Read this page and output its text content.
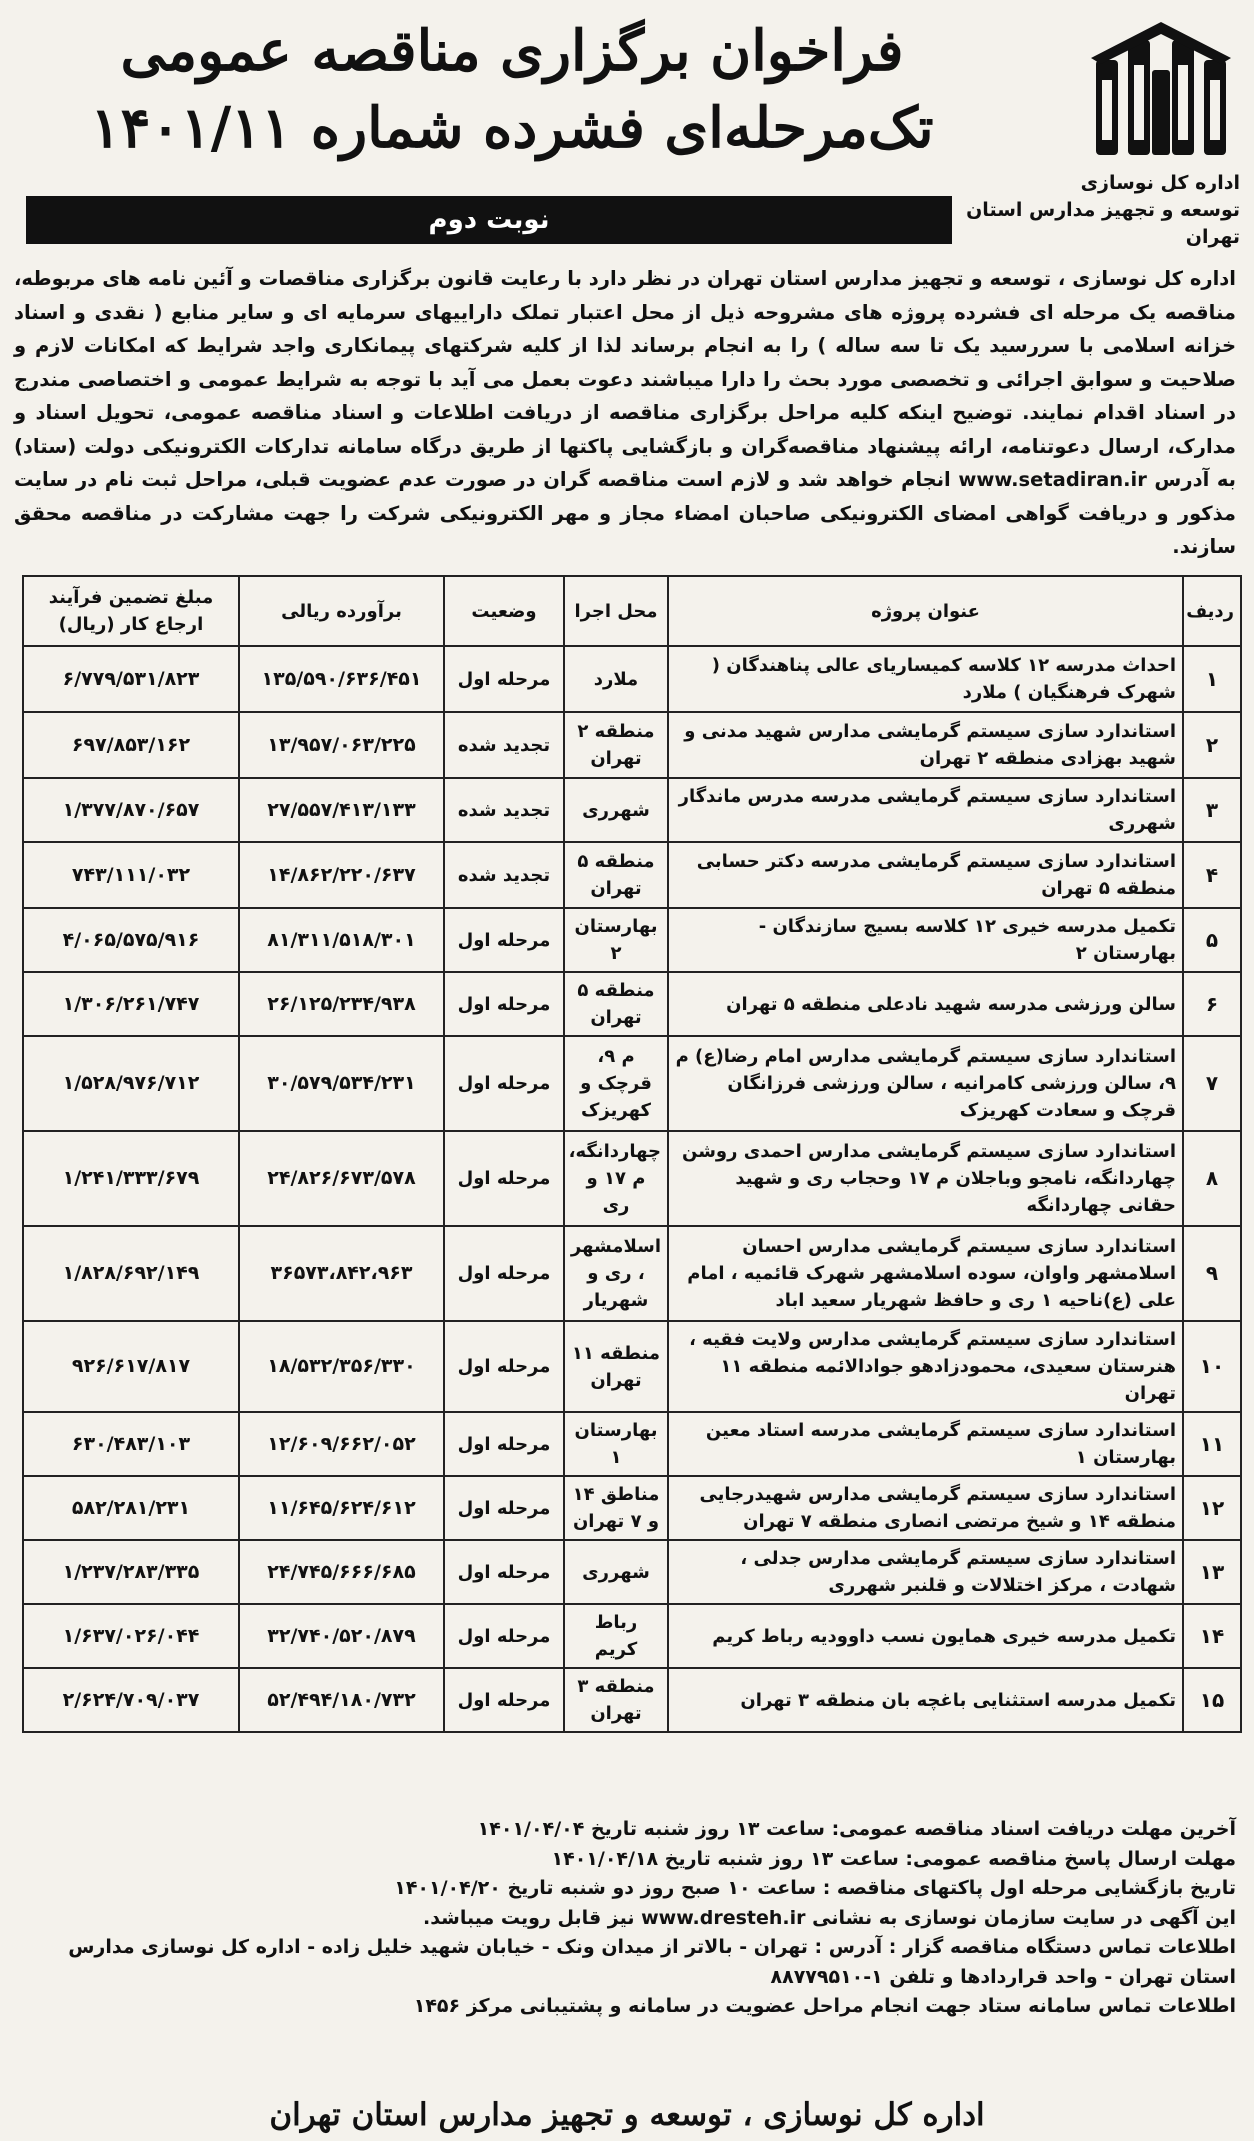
اداره کل نوسازی
توسعه و تجهیز مدارس استان تهران
فراخوان برگزاری مناقصه عمومی
تک‌مرحله‌ای فشرده شماره ۱۴۰۱/۱۱
نوبت دوم
اداره کل نوسازی ، توسعه و تجهیز مدارس استان تهران در نظر دارد با رعایت قانون برگزاری مناقصات و آئین نامه های مربوطه، مناقصه یک مرحله ای فشرده پروژه های مشروحه ذیل از محل اعتبار تملک داراییهای سرمایه ای و سایر منابع ( نقدی و اسناد خزانه اسلامی با سررسید یک تا سه ساله ) را به انجام برساند لذا از کلیه شرکتهای پیمانکاری واجد شرایط که امکانات لازم و صلاحیت و سوابق اجرائی و تخصصی مورد بحث را دارا میباشند دعوت بعمل می آید با توجه به شرایط عمومی و اختصاصی مندرج در اسناد اقدام نمایند. توضیح اینکه کلیه مراحل برگزاری مناقصه از دریافت اطلاعات و اسناد مناقصه عمومی، تحویل اسناد و مدارک، ارسال دعوتنامه، ارائه پیشنهاد مناقصه‌گران و بازگشایی پاکتها از طریق درگاه سامانه تدارکات الکترونیکی دولت (ستاد) به آدرس www.setadiran.ir انجام خواهد شد و لازم است مناقصه گران در صورت عدم عضویت قبلی، مراحل ثبت نام در سایت مذکور و دریافت گواهی امضای الکترونیکی صاحبان امضاء مجاز و مهر الکترونیکی شرکت را جهت مشارکت در مناقصه محقق سازند.
ردیف	عنوان پروژه	محل اجرا	وضعیت	برآورده ریالی	مبلغ تضمین فرآیند ارجاع کار (ریال)
۱	احداث مدرسه ۱۲ کلاسه کمیساریای عالی پناهندگان ( شهرک فرهنگیان ) ملارد	ملارد	مرحله اول	۱۳۵/۵۹۰/۶۳۶/۴۵۱	۶/۷۷۹/۵۳۱/۸۲۳
۲	استاندارد سازی سیستم گرمایشی مدارس شهید مدنی و شهید بهزادی منطقه ۲ تهران	منطقه ۲ تهران	تجدید شده	۱۳/۹۵۷/۰۶۳/۲۲۵	۶۹۷/۸۵۳/۱۶۲
۳	استاندارد سازی سیستم گرمایشی مدرسه مدرس ماندگار شهرری	شهرری	تجدید شده	۲۷/۵۵۷/۴۱۳/۱۳۳	۱/۳۷۷/۸۷۰/۶۵۷
۴	استاندارد سازی سیستم گرمایشی مدرسه دکتر حسابی منطقه ۵ تهران	منطقه ۵ تهران	تجدید شده	۱۴/۸۶۲/۲۲۰/۶۳۷	۷۴۳/۱۱۱/۰۳۲
۵	تکمیل مدرسه خیری ۱۲ کلاسه بسیج سازندگان - بهارستان ۲	بهارستان ۲	مرحله اول	۸۱/۳۱۱/۵۱۸/۳۰۱	۴/۰۶۵/۵۷۵/۹۱۶
۶	سالن ورزشی مدرسه شهید نادعلی منطقه ۵ تهران	منطقه ۵ تهران	مرحله اول	۲۶/۱۲۵/۲۳۴/۹۳۸	۱/۳۰۶/۲۶۱/۷۴۷
۷	استاندارد سازی سیستم گرمایشی مدارس امام رضا(ع) م ۹، سالن ورزشی کامرانیه ، سالن ورزشی فرزانگان قرچک و سعادت کهریزک	م ۹، قرچک و کهریزک	مرحله اول	۳۰/۵۷۹/۵۳۴/۲۳۱	۱/۵۲۸/۹۷۶/۷۱۲
۸	استاندارد سازی سیستم گرمایشی مدارس احمدی روشن چهاردانگه، نامجو وباجلان م ۱۷ وحجاب ری و شهید حقانی چهاردانگه	چهاردانگه، م ۱۷ و ری	مرحله اول	۲۴/۸۲۶/۶۷۳/۵۷۸	۱/۲۴۱/۳۳۳/۶۷۹
۹	استاندارد سازی سیستم گرمایشی مدارس احسان اسلامشهر واوان، سوده اسلامشهر شهرک قائمیه ، امام علی (ع)ناحیه ۱ ری و حافظ شهریار سعید اباد	اسلامشهر ، ری و شهریار	مرحله اول	۳۶۵۷۳،۸۴۲،۹۶۳	۱/۸۲۸/۶۹۲/۱۴۹
۱۰	استاندارد سازی سیستم گرمایشی مدارس ولایت فقیه ، هنرستان سعیدی، محمودزادهو جوادالائمه منطقه ۱۱ تهران	منطقه ۱۱ تهران	مرحله اول	۱۸/۵۳۲/۳۵۶/۳۳۰	۹۲۶/۶۱۷/۸۱۷
۱۱	استاندارد سازی سیستم گرمایشی مدرسه استاد معین بهارستان ۱	بهارستان ۱	مرحله اول	۱۲/۶۰۹/۶۶۲/۰۵۲	۶۳۰/۴۸۳/۱۰۳
۱۲	استاندارد سازی سیستم گرمایشی مدارس شهیدرجایی منطقه ۱۴ و شیخ مرتضی انصاری منطقه ۷ تهران	مناطق ۱۴ و ۷ تهران	مرحله اول	۱۱/۶۴۵/۶۲۴/۶۱۲	۵۸۲/۲۸۱/۲۳۱
۱۳	استاندارد سازی سیستم گرمایشی مدارس جدلی ، شهادت ، مرکز اختلالات و قلنبر شهرری	شهرری	مرحله اول	۲۴/۷۴۵/۶۶۶/۶۸۵	۱/۲۳۷/۲۸۳/۳۳۵
۱۴	تکمیل مدرسه خیری همایون نسب داوودیه رباط کریم	رباط کریم	مرحله اول	۳۲/۷۴۰/۵۲۰/۸۷۹	۱/۶۳۷/۰۲۶/۰۴۴
۱۵	تکمیل مدرسه استثنایی باغچه بان منطقه ۳ تهران	منطقه ۳ تهران	مرحله اول	۵۲/۴۹۴/۱۸۰/۷۳۲	۲/۶۲۴/۷۰۹/۰۳۷
آخرین مهلت دریافت اسناد مناقصه عمومی: ساعت ۱۳ روز شنبه تاریخ ۱۴۰۱/۰۴/۰۴
مهلت ارسال پاسخ مناقصه عمومی: ساعت ۱۳ روز شنبه تاریخ ۱۴۰۱/۰۴/۱۸
تاریخ بازگشایی مرحله اول پاکتهای مناقصه : ساعت ۱۰ صبح روز دو شنبه تاریخ ۱۴۰۱/۰۴/۲۰
این آگهی در سایت سازمان نوسازی به نشانی www.dresteh.ir نیز قابل رویت میباشد.
اطلاعات تماس دستگاه مناقصه گزار : آدرس : تهران - بالاتر از میدان ونک - خیابان شهید خلیل زاده - اداره کل نوسازی مدارس
استان تهران - واحد قراردادها و تلفن ۱-۸۸۷۷۹۵۱۰
اطلاعات تماس سامانه ستاد جهت انجام مراحل عضویت در سامانه و پشتیبانی مرکز ۱۴۵۶
اداره کل نوسازی ، توسعه و تجهیز مدارس استان تهران
